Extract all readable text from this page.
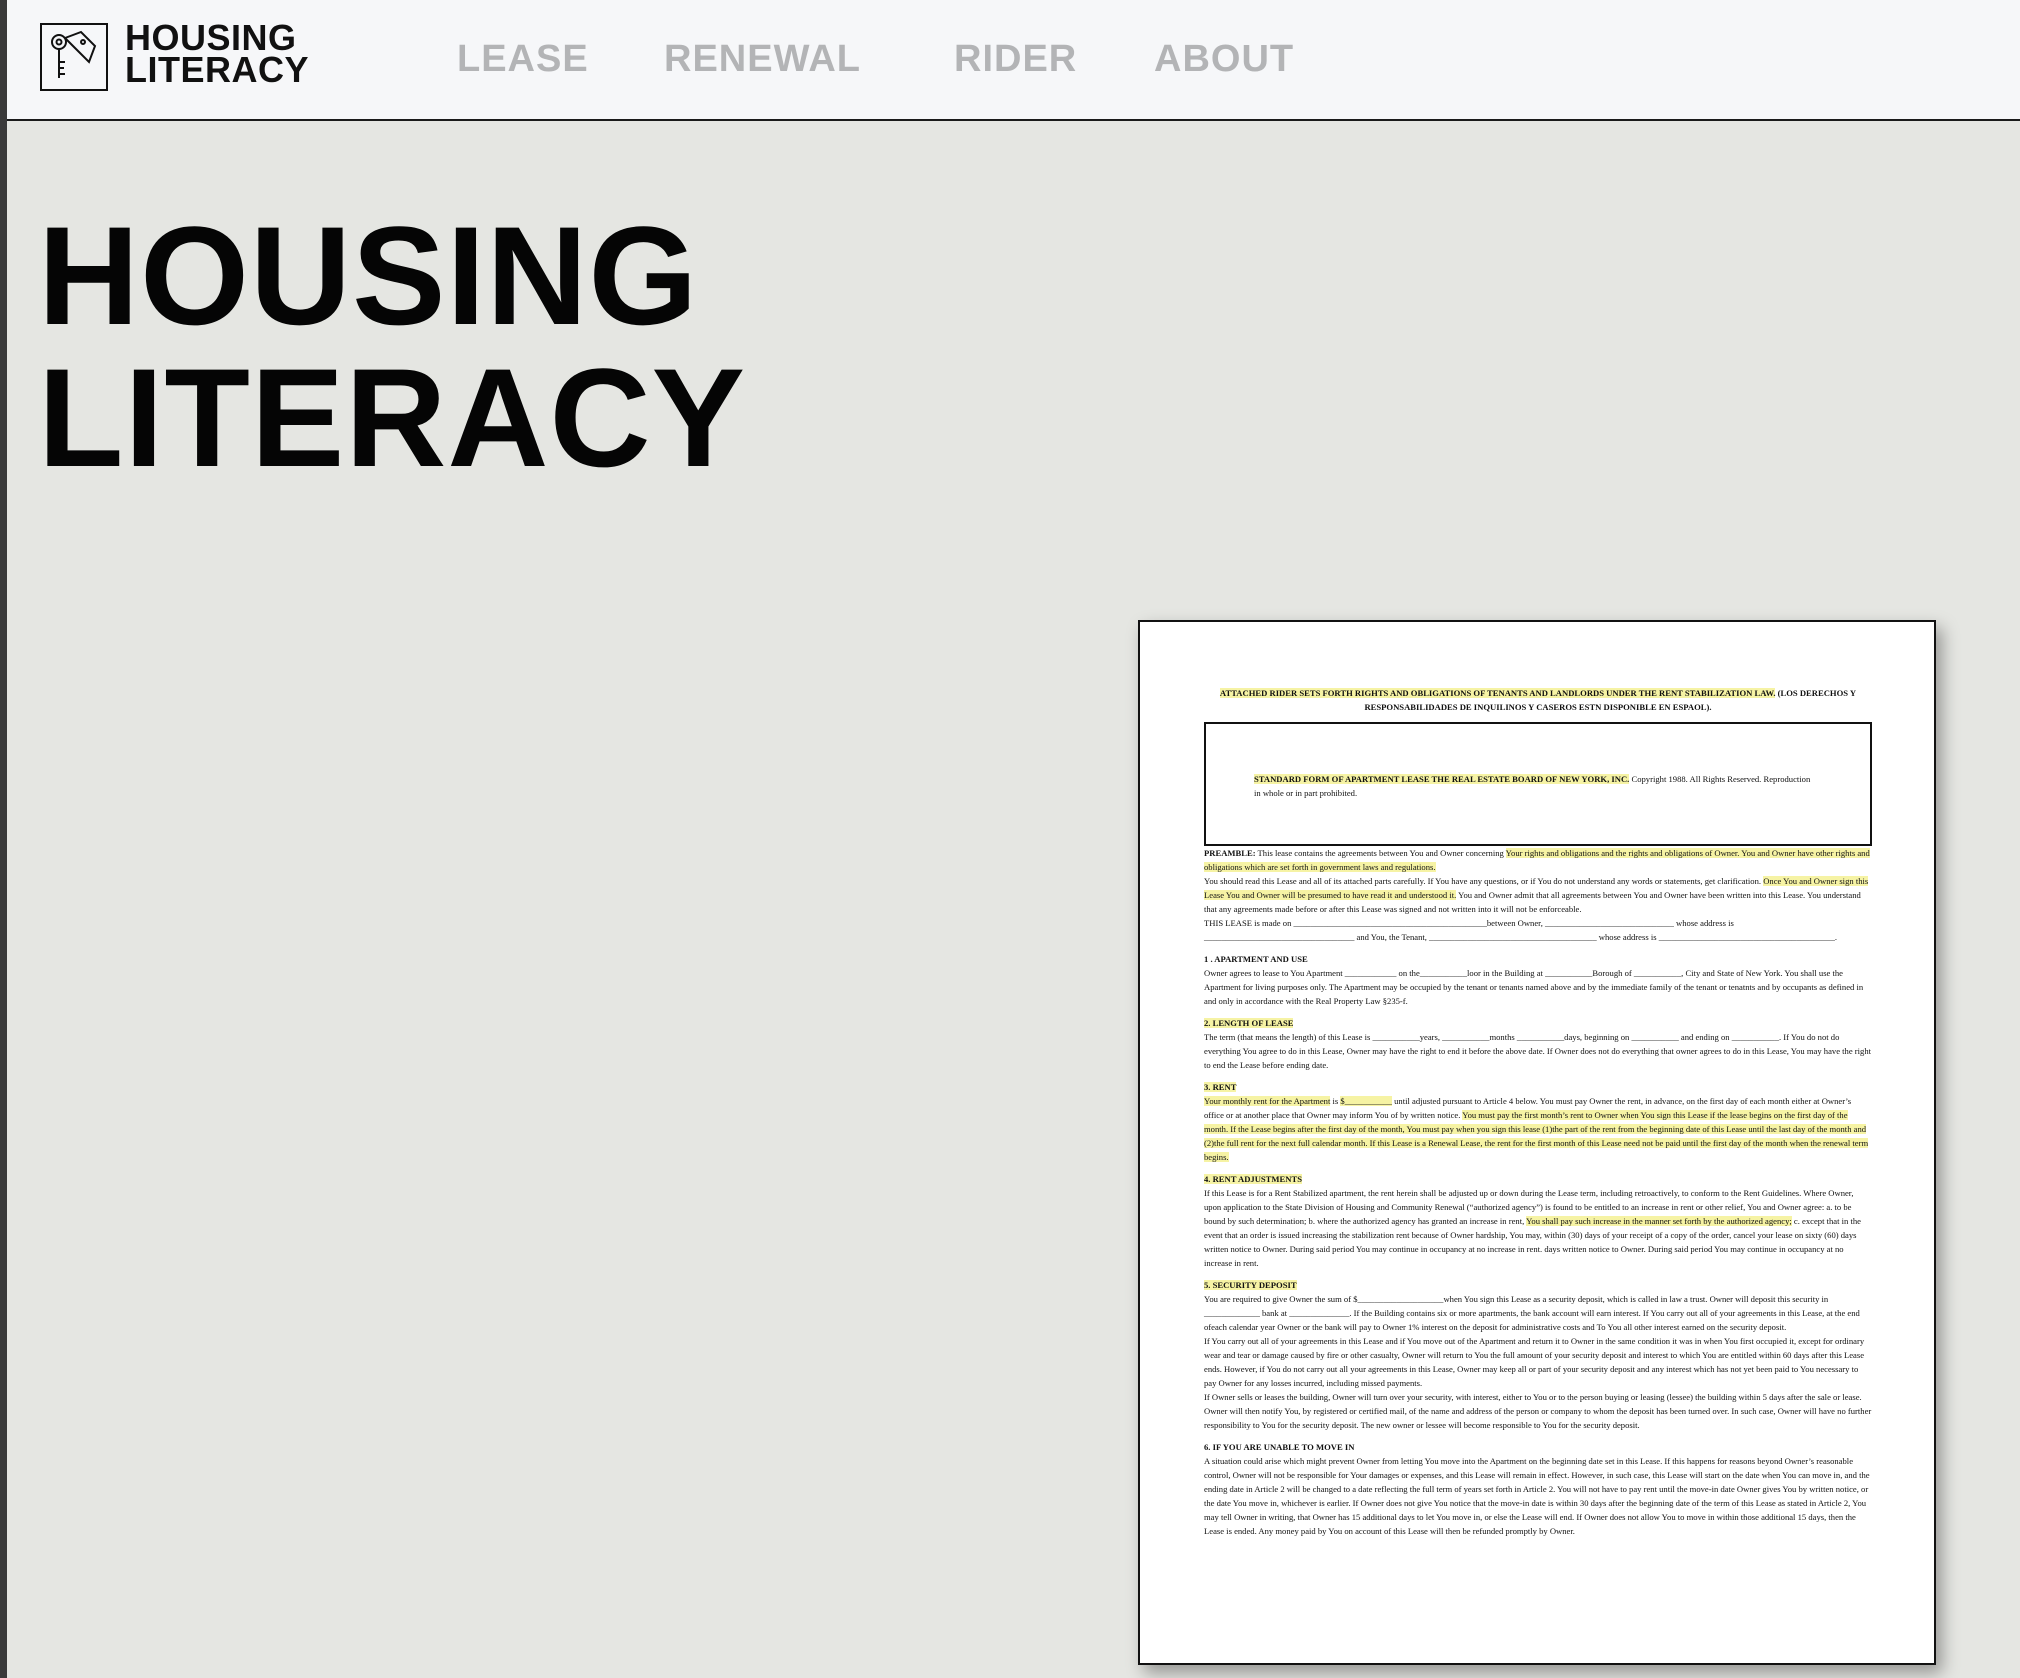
HOUSING
LITERACY	LEASE RENEWAL RIDER ABOUT
HOUSING
LITERACY

ATTACHED RIDER SETS FORTH RIGHTS AND OBLIGATIONS OF TENANTS AND LANDLORDS UNDER THE RENT STABILIZATION LAW. (LOS DERECHOS Y RESPONSABILIDADES DE INQUILINOS Y CASEROS ESTN DISPONIBLE EN ESPAOL).

STANDARD FORM OF APARTMENT LEASE THE REAL ESTATE BOARD OF NEW YORK, INC. Copyright 1988. All Rights Reserved. Reproduction in whole or in part prohibited.

PREAMBLE: This lease contains the agreements between You and Owner concerning Your rights and obligations and the rights and obligations of Owner. You and Owner have other rights and obligations which are set forth in government laws and regulations.

You should read this Lease and all of its attached parts carefully. If You have any questions, or if You do not understand any words or statements, get clarification. Once You and Owner sign this Lease You and Owner will be presumed to have read it and understood it. You and Owner admit that all agreements between You and Owner have been written into this Lease. You understand that any agreements made before or after this Lease was signed and not written into it will not be enforceable.

THIS LEASE is made on _____________________________________________between Owner, ______________________________ whose address is ___________________________________ and You, the Tenant, _______________________________________ whose address is _________________________________________.

1 . APARTMENT AND USE

Owner agrees to lease to You Apartment ____________ on the___________loor in the Building at ___________Borough of ___________, City and State of New York. You shall use the Apartment for living purposes only. The Apartment may be occupied by the tenant or tenants named above and by the immediate family of the tenant or tenatnts and by occupants as defined in and only in accordance with the Real Property Law §235-f.

2. LENGTH OF LEASE

The term (that means the length) of this Lease is ___________years, ___________months ___________days, beginning on ___________ and ending on ___________. If You do not do everything You agree to do in this Lease, Owner may have the right to end it before the above date. If Owner does not do everything that owner agrees to do in this Lease, You may have the right to end the Lease before ending date.

3. RENT

Your monthly rent for the Apartment is $___________ until adjusted pursuant to Article 4 below. You must pay Owner the rent, in advance, on the first day of each month either at Owner’s office or at another place that Owner may inform You of by written notice. You must pay the first month’s rent to Owner when You sign this Lease if the lease begins on the first day of the month. If the Lease begins after the first day of the month, You must pay when you sign this lease (1)the part of the rent from the beginning date of this Lease until the last day of the month and (2)the full rent for the next full calendar month. If this Lease is a Renewal Lease, the rent for the first month of this Lease need not be paid until the first day of the month when the renewal term begins.

4. RENT ADJUSTMENTS

If this Lease is for a Rent Stabilized apartment, the rent herein shall be adjusted up or down during the Lease term, including retroactively, to conform to the Rent Guidelines. Where Owner, upon application to the State Division of Housing and Community Renewal (“authorized agency”) is found to be entitled to an increase in rent or other relief, You and Owner agree: a. to be bound by such determination; b. where the authorized agency has granted an increase in rent, You shall pay such increase in the manner set forth by the authorized agency; c. except that in the event that an order is issued increasing the stabilization rent because of Owner hardship, You may, within (30) days of your receipt of a copy of the order, cancel your lease on sixty (60) days written notice to Owner. During said period You may continue in occupancy at no increase in rent. days written notice to Owner. During said period You may continue in occupancy at no increase in rent.

5. SECURITY DEPOSIT

You are required to give Owner the sum of $____________________when You sign this Lease as a security deposit, which is called in law a trust. Owner will deposit this security in _____________ bank at ______________. If the Building contains six or more apartments, the bank account will earn interest. If You carry out all of your agreements in this Lease, at the end ofeach calendar year Owner or the bank will pay to Owner 1% interest on the deposit for administrative costs and To You all other interest earned on the security deposit.

If You carry out all of your agreements in this Lease and if You move out of the Apartment and return it to Owner in the same condition it was in when You first occupied it, except for ordinary wear and tear or damage caused by fire or other casualty, Owner will return to You the full amount of your security deposit and interest to which You are entitled within 60 days after this Lease ends. However, if You do not carry out all your agreements in this Lease, Owner may keep all or part of your security deposit and any interest which has not yet been paid to You necessary to pay Owner for any losses incurred, including missed payments.

If Owner sells or leases the building, Owner will turn over your security, with interest, either to You or to the person buying or leasing (lessee) the building within 5 days after the sale or lease. Owner will then notify You, by registered or certified mail, of the name and address of the person or company to whom the deposit has been turned over. In such case, Owner will have no further responsibility to You for the security deposit. The new owner or lessee will become responsible to You for the security deposit.

6. IF YOU ARE UNABLE TO MOVE IN

A situation could arise which might prevent Owner from letting You move into the Apartment on the beginning date set in this Lease. If this happens for reasons beyond Owner’s reasonable control, Owner will not be responsible for Your damages or expenses, and this Lease will remain in effect. However, in such case, this Lease will start on the date when You can move in, and the ending date in Article 2 will be changed to a date reflecting the full term of years set forth in Article 2. You will not have to pay rent until the move-in date Owner gives You by written notice, or the date You move in, whichever is earlier. If Owner does not give You notice that the move-in date is within 30 days after the beginning date of the term of this Lease as stated in Article 2, You may tell Owner in writing, that Owner has 15 additional days to let You move in, or else the Lease will end. If Owner does not allow You to move in within those additional 15 days, then the Lease is ended. Any money paid by You on account of this Lease will then be refunded promptly by Owner.
